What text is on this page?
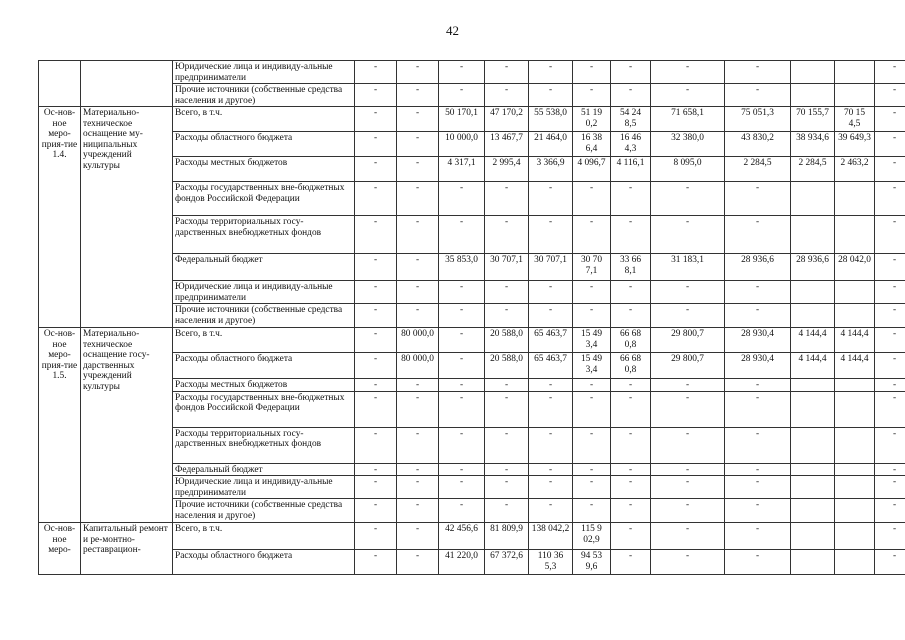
42
		Юридические лица и индивиду-альные предприниматели	-	-	-	-	-	-	-	-	-			-
		Прочие источники (собственные средства населения и другое)	-	-	-	-	-	-	-	-	-			-
Ос-нов-ное меро-прия-тие 1.4.	Материально-техническое оснащение му-ниципальных учреждений культуры	Всего, в т.ч.	-	-	50 170,1	47 170,2	55 538,0	51 19 0,2	54 24 8,5	71 658,1	75 051,3	70 155,7	70 15 4,5	-
		Расходы областного бюджета	-	-	10 000,0	13 467,7	21 464,0	16 38 6,4	16 46 4,3	32 380,0	43 830,2	38 934,6	39 649,3	-
		Расходы местных бюджетов	-	-	4 317,1	2 995,4	3 366,9	4 096,7	4 116,1	8 095,0	2 284,5	2 284,5	2 463,2	-
		Расходы государственных вне-бюджетных фондов Российской Федерации	-	-	-	-	-	-	-	-	-			-
		Расходы территориальных госу-дарственных внебюджетных фондов	-	-	-	-	-	-	-	-	-			-
		Федеральный бюджет	-	-	35 853,0	30 707,1	30 707,1	30 70 7,1	33 66 8,1	31 183,1	28 936,6	28 936,6	28 042,0	-
		Юридические лица и индивиду-альные предприниматели	-	-	-	-	-	-	-	-	-			-
		Прочие источники (собственные средства населения и другое)	-	-	-	-	-	-	-	-	-			-
Ос-нов-ное меро-прия-тие 1.5.	Материально-техническое оснащение госу-дарственных учреждений культуры	Всего, в т.ч.	-	80 000,0	-	20 588,0	65 463,7	15 49 3,4	66 68 0,8	29 800,7	28 930,4	4 144,4	4 144,4	-
		Расходы областного бюджета	-	80 000,0	-	20 588,0	65 463,7	15 49 3,4	66 68 0,8	29 800,7	28 930,4	4 144,4	4 144,4	-
		Расходы местных бюджетов	-	-	-	-	-	-	-	-	-			-
		Расходы государственных вне-бюджетных фондов Российской Федерации	-	-	-	-	-	-	-	-	-			-
		Расходы территориальных госу-дарственных внебюджетных фондов	-	-	-	-	-	-	-	-	-			-
		Федеральный бюджет	-	-	-	-	-	-	-	-	-			-
		Юридические лица и индивиду-альные предприниматели	-	-	-	-	-	-	-	-	-			-
		Прочие источники (собственные средства населения и другое)	-	-	-	-	-	-	-	-	-			-
Ос-нов-ное меро-	Капитальный ремонт и ре-монтно-реставрацион-	Всего, в т.ч.	-	-	42 456,6	81 809,9	138 042,2	115 9 02,9	-	-	-			-
		Расходы областного бюджета	-	-	41 220,0	67 372,6	110 36 5,3	94 53 9,6	-	-	-			-
